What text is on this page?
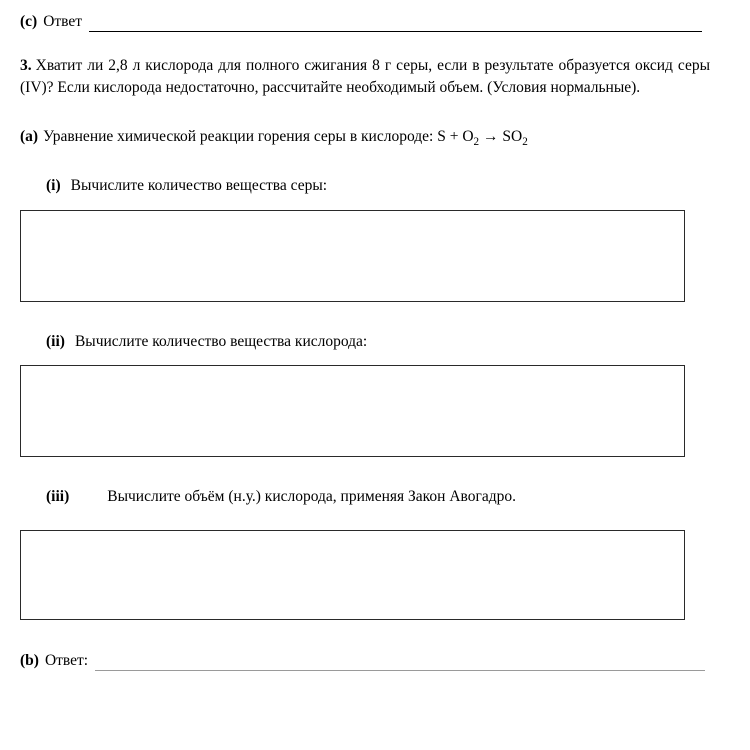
(c) Ответ
3. Хватит ли 2,8 л кислорода для полного сжигания 8 г серы, если в результате образуется оксид серы (IV)? Если кислорода недостаточно, рассчитайте необходимый объем. (Условия нормальные).
(a) Уравнение химической реакции горения серы в кислороде: $S + O_2 \to SO_2$
(i) Вычислите количество вещества серы:
(ii) Вычислите количество вещества кислорода:
(iii) Вычислите объём (н.у.) кислорода, применяя Закон Авогадро.
(b) Ответ:
